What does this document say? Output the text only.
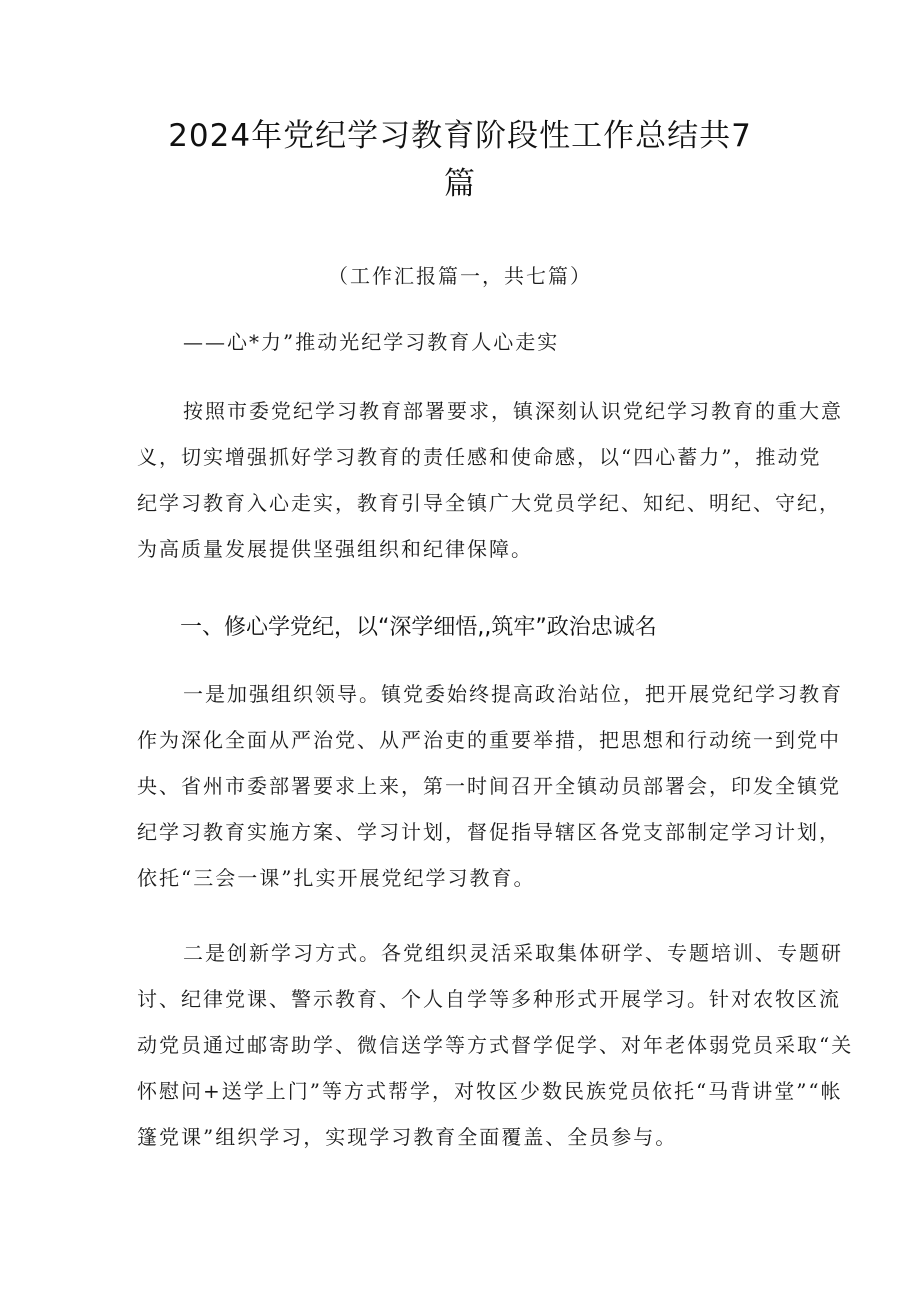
2024年党纪学习教育阶段性工作总结共7
篇
（工作汇报篇一，共七篇）
——心*力”推动光纪学习教育人心走实
按照市委党纪学习教育部署要求，镇深刻认识党纪学习教育的重大意
义，切实增强抓好学习教育的责任感和使命感，以“四心蓄力”，推动党
纪学习教育入心走实，教育引导全镇广大党员学纪、知纪、明纪、守纪，
为高质量发展提供坚强组织和纪律保障。
一、修心学党纪，以“深学细悟,,筑牢”政治忠诚名
一是加强组织领导。镇党委始终提高政治站位，把开展党纪学习教育
作为深化全面从严治党、从严治吏的重要举措，把思想和行动统一到党中
央、省州市委部署要求上来，第一时间召开全镇动员部署会，印发全镇党
纪学习教育实施方案、学习计划，督促指导辖区各党支部制定学习计划，
依托“三会一课”扎实开展党纪学习教育。
二是创新学习方式。各党组织灵活采取集体研学、专题培训、专题研
讨、纪律党课、警示教育、个人自学等多种形式开展学习。针对农牧区流
动党员通过邮寄助学、微信送学等方式督学促学、对年老体弱党员采取“关
怀慰问+送学上门”等方式帮学，对牧区少数民族党员依托“马背讲堂”“帐
篷党课”组织学习，实现学习教育全面覆盖、全员参与。
